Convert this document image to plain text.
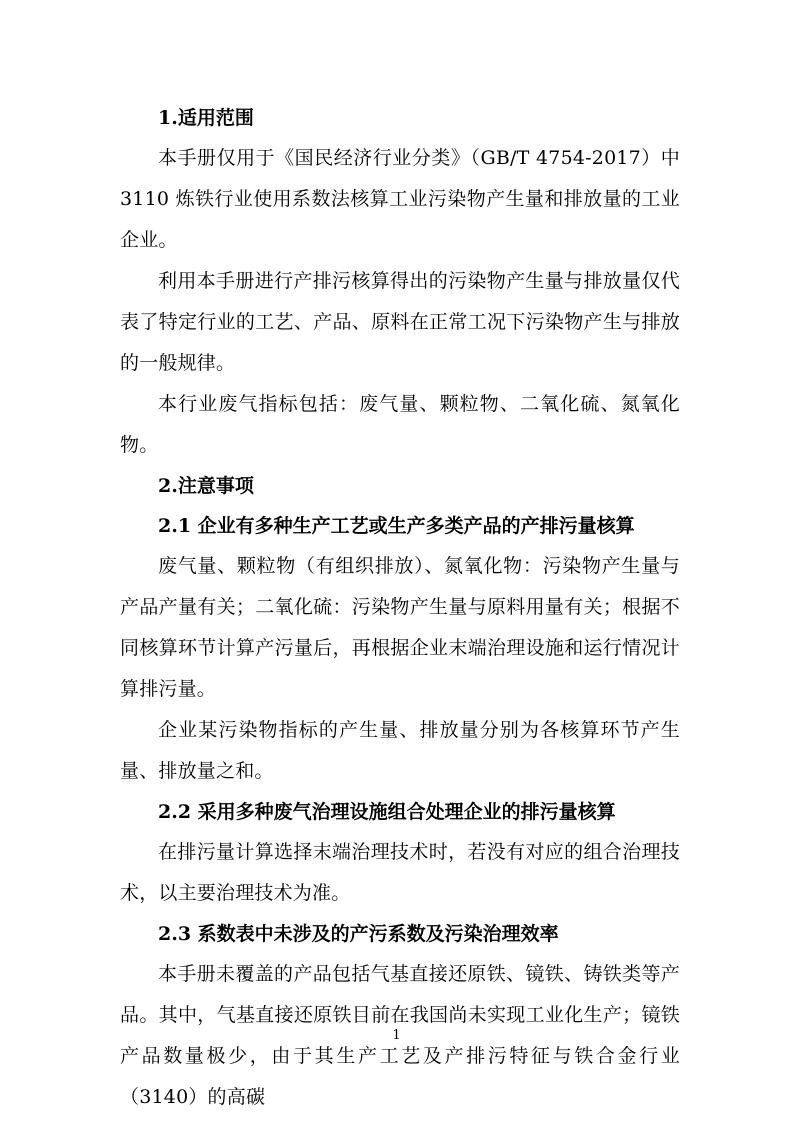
1.适用范围

本手册仅用于《国民经济行业分类》（GB/T 4754-2017）中 3110 炼铁行业使用系数法核算工业污染物产生量和排放量的工业企业。

利用本手册进行产排污核算得出的污染物产生量与排放量仅代表了特定行业的工艺、产品、原料在正常工况下污染物产生与排放的一般规律。

本行业废气指标包括：废气量、颗粒物、二氧化硫、氮氧化物。

2.注意事项
2.1 企业有多种生产工艺或生产多类产品的产排污量核算

废气量、颗粒物（有组织排放）、氮氧化物：污染物产生量与产品产量有关；二氧化硫：污染物产生量与原料用量有关；根据不同核算环节计算产污量后，再根据企业末端治理设施和运行情况计算排污量。

企业某污染物指标的产生量、排放量分别为各核算环节产生量、排放量之和。

2.2 采用多种废气治理设施组合处理企业的排污量核算

在排污量计算选择末端治理技术时，若没有对应的组合治理技术，以主要治理技术为准。

2.3 系数表中未涉及的产污系数及污染治理效率

本手册未覆盖的产品包括气基直接还原铁、镜铁、铸铁类等产品。其中，气基直接还原铁目前在我国尚未实现工业化生产；镜铁产品数量极少，由于其生产工艺及产排污特征与铁合金行业（3140）的高碳

1
